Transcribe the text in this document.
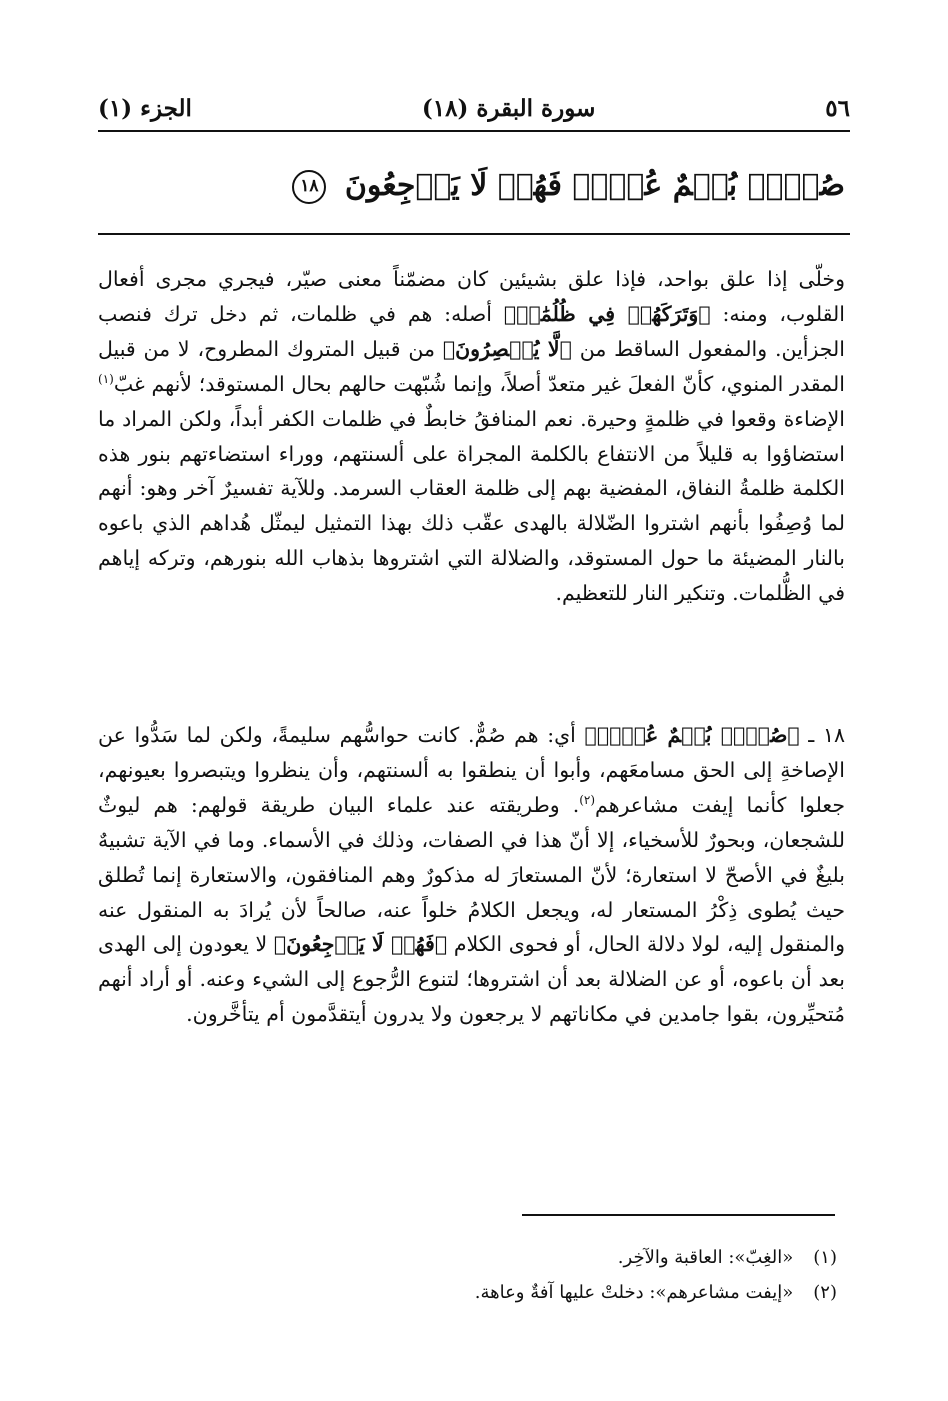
٥٦
سورة البقرة (١٨)
الجزء (١)
صُمٌّۢ بُكۡمٌ عُمۡيٞ فَهُمۡ لَا يَرۡجِعُونَ ١٨

وخلّى إذا علق بواحد، فإذا علق بشيئين كان مضمّناً معنى صيّر، فيجري مجرى أفعال القلوب، ومنه: ﴿وَتَرَكَهُمۡ فِي ظُلُمَٰتٖ﴾ أصله: هم في ظلمات، ثم دخل ترك فنصب الجزأين. والمفعول الساقط من ﴿لَّا يُبۡصِرُونَ﴾ من قبيل المتروك المطروح، لا من قبيل المقدر المنوي، كأنّ الفعلَ غير متعدّ أصلاً، وإنما شُبّهت حالهم بحال المستوقد؛ لأنهم غبّ$^{(١)}$ الإضاءة وقعوا في ظلمةٍ وحيرة. نعم المنافقُ خابطٌ في ظلمات الكفر أبداً، ولكن المراد ما استضاؤوا به قليلاً من الانتفاع بالكلمة المجراة على ألسنتهم، ووراء استضاءتهم بنور هذه الكلمة ظلمةُ النفاق، المفضية بهم إلى ظلمة العقاب السرمد. وللآية تفسيرٌ آخر وهو: أنهم لما وُصِفُوا بأنهم اشتروا الضّلالة بالهدى عقّب ذلك بهذا التمثيل ليمثّل هُداهم الذي باعوه بالنار المضيئة ما حول المستوقد، والضلالة التي اشتروها بذهاب الله بنورهم، وتركه إياهم في الظُّلمات. وتنكير النار للتعظيم.

١٨ ـ ﴿صُمُّۢ بُكۡمٌ عُمۡيٞ﴾ أي: هم صُمٌّ. كانت حواسُّهم سليمةً، ولكن لما سَدُّوا عن الإصاخةِ إلى الحق مسامعَهم، وأبوا أن ينطقوا به ألسنتهم، وأن ينظروا ويتبصروا بعيونهم، جعلوا كأنما إيفت مشاعرهم$^{(٢)}$. وطريقته عند علماء البيان طريقة قولهم: هم ليوثٌ للشجعان، وبحورٌ للأسخياء، إلا أنّ هذا في الصفات، وذلك في الأسماء. وما في الآية تشبيهٌ بليغٌ في الأصحّ لا استعارة؛ لأنّ المستعارَ له مذكورٌ وهم المنافقون، والاستعارة إنما تُطلق حيث يُطوى ذِكْرُ المستعار له، ويجعل الكلامُ خلواً عنه، صالحاً لأن يُرادَ به المنقول عنه والمنقول إليه، لولا دلالة الحال، أو فحوى الكلام ﴿فَهُمۡ لَا يَرۡجِعُونَ﴾ لا يعودون إلى الهدى بعد أن باعوه، أو عن الضلالة بعد أن اشتروها؛ لتنوع الرُّجوع إلى الشيء وعنه. أو أراد أنهم مُتحيِّرون، بقوا جامدين في مكاناتهم لا يرجعون ولا يدرون أيتقدَّمون أم يتأخَّرون.

(١) «الغِبّ»: العاقبة والآخِر.
(٢) «إيفت مشاعرهم»: دخلتْ عليها آفةٌ وعاهة.
